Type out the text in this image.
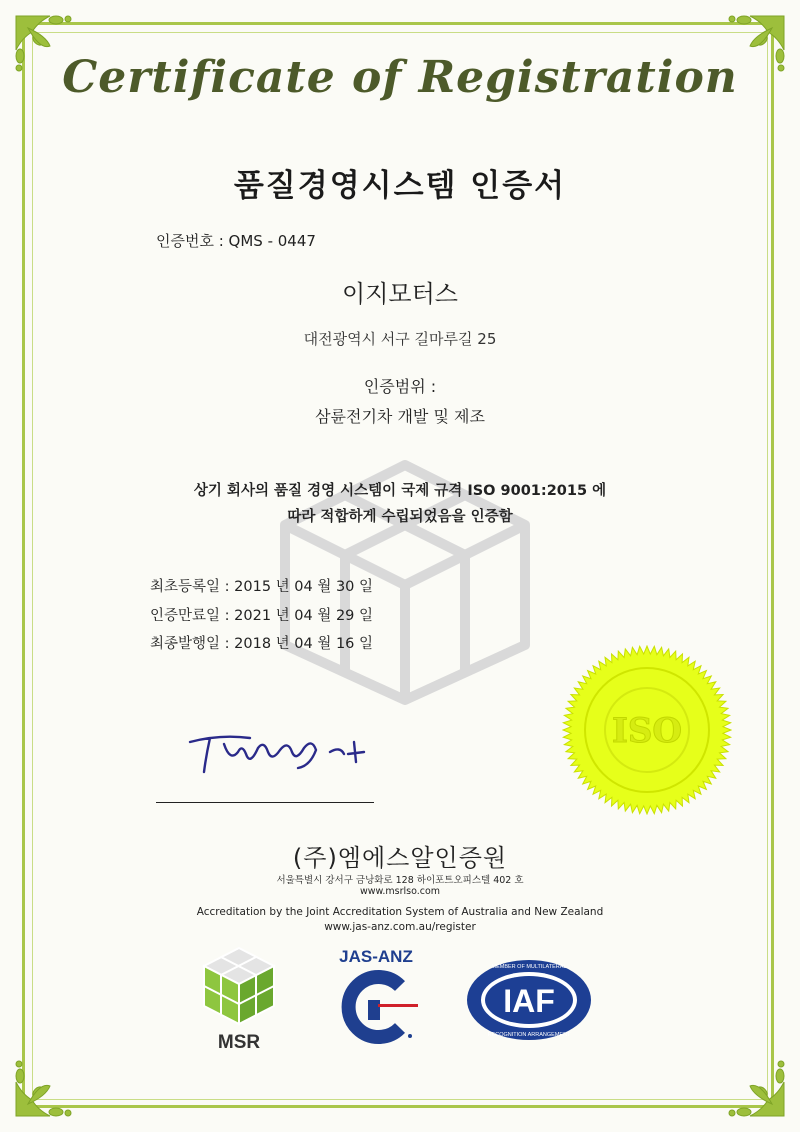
Certificate of Registration
품질경영시스템 인증서
인증번호 : QMS - 0447
이지모터스
대전광역시 서구 길마루길 25
인증범위 :
삼륜전기차 개발 및 제조
상기 회사의 품질 경영 시스템이 국제 규격 ISO 9001:2015 에
따라 적합하게 수립되었음을 인증함
최초등록일 : 2015 년 04 월 30 일
인증만료일 : 2021 년 04 월 29 일
최종발행일 : 2018 년 04 월 16 일
ISO
(주)엠에스알인증원
서울특별시 강서구 금낭화로 128 하이포트오피스텔 402 호
www.msrlso.com
Accreditation by the Joint Accreditation System of Australia and New Zealand
www.jas-anz.com.au/register
MSR
JAS-ANZ
IAF
MEMBER OF MULTILATERAL
RECOGNITION ARRANGEMENT
